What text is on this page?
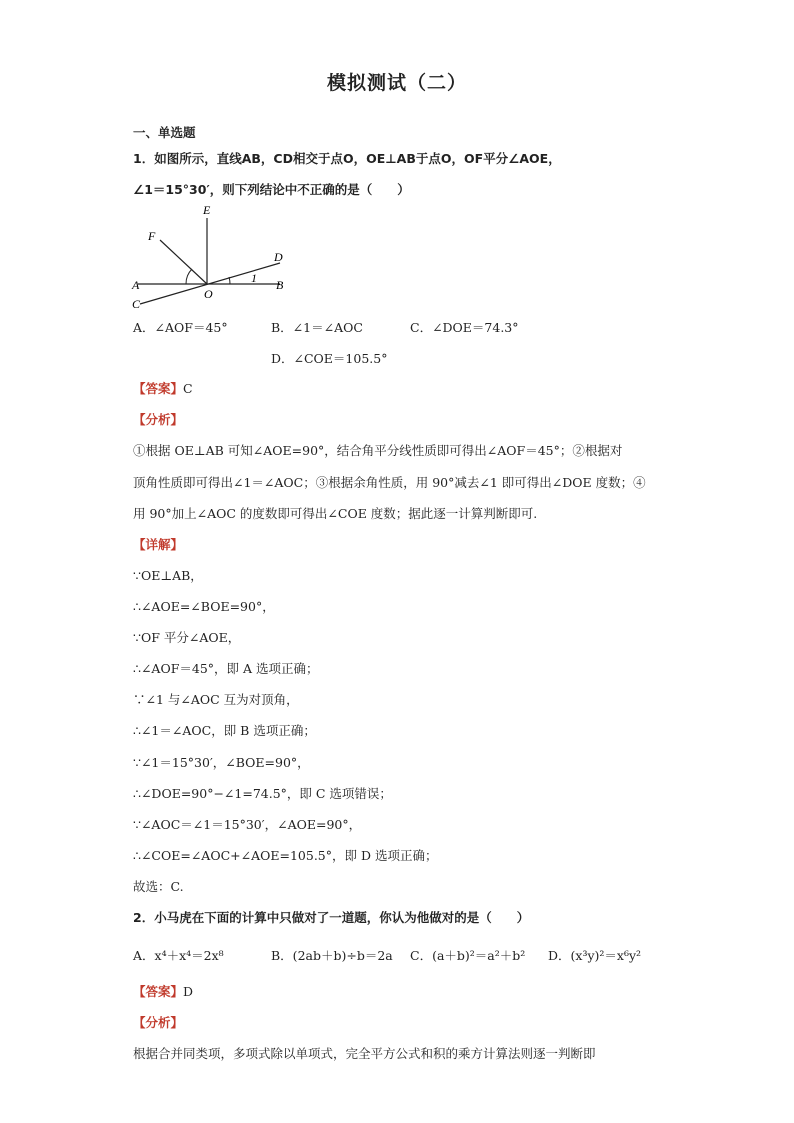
模拟测试（二）
一、单选题
1．如图所示，直线AB，CD相交于点O，OE⊥AB于点O，OF平分∠AOE，
∠1＝15°30′，则下列结论中不正确的是（　　）
E
F
D
A
O
1 B
C
A．∠AOF＝45°	B．∠1＝∠AOC	C．∠DOE＝74.3°
D．∠COE＝105.5°
【答案】C
【分析】
①根据 OE⊥AB 可知∠AOE=90°，结合角平分线性质即可得出∠AOF＝45°；②根据对
顶角性质即可得出∠1＝∠AOC；③根据余角性质，用 90°减去∠1 即可得出∠DOE 度数；④
用 90°加上∠AOC 的度数即可得出∠COE 度数；据此逐一计算判断即可.
【详解】
∵OE⊥AB，
∴∠AOE=∠BOE=90°，
∵OF 平分∠AOE，
∴∠AOF＝45°，即 A 选项正确；
∵∠1 与∠AOC 互为对顶角，
∴∠1＝∠AOC，即 B 选项正确；
∵∠1＝15°30′，∠BOE=90°，
∴∠DOE=90°−∠1=74.5°，即 C 选项错误；
∵∠AOC＝∠1＝15°30′，∠AOE=90°，
∴∠COE=∠AOC+∠AOE=105.5°，即 D 选项正确；
故选：C.
2．小马虎在下面的计算中只做对了一道题，你认为他做对的是（　　）
A．x⁴＋x⁴＝2x⁸	B．(2ab＋b)÷b＝2a C．(a＋b)²＝a²＋b² D．(x³y)²＝x⁶y²
【答案】D
【分析】
根据合并同类项，多项式除以单项式，完全平方公式和积的乘方计算法则逐一判断即
